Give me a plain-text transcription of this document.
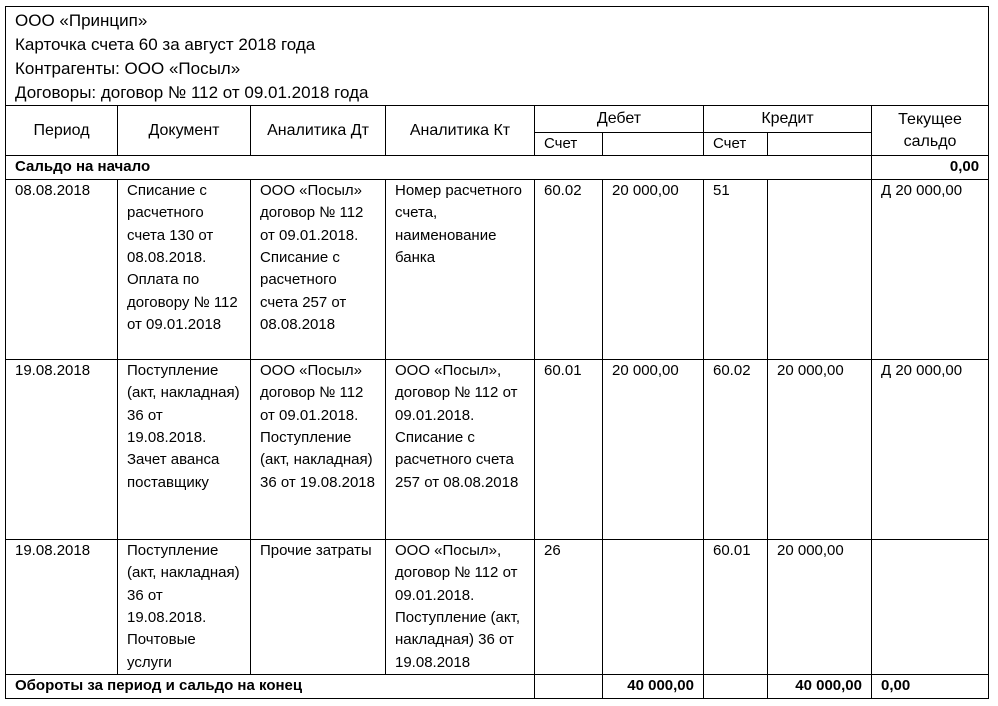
ООО «Принцип»
Карточка счета 60 за август 2018 года
Контрагенты: ООО «Посыл»
Договоры: договор № 112 от 09.01.2018 года								

Период	Документ	Аналитика Дт	Аналитика Кт	Дебет		Кредит		Текущее сальдо
				Счет		Счет		
Сальдо на начало								0,00
08.08.2018	Списание с расчетного счета 130 от 08.08.2018. Оплата по договору № 112 от 09.01.2018	ООО «Посыл» договор № 112 от 09.01.2018. Списание с расчетного счета 257 от 08.08.2018	Номер расчетного счета, наименование банка	60.02	20 000,00	51		Д 20 000,00
19.08.2018	Поступление (акт, накладная) 36 от 19.08.2018. Зачет аванса поставщику	ООО «Посыл» договор № 112 от 09.01.2018. Поступление (акт, накладная) 36 от 19.08.2018	ООО «Посыл», договор № 112 от 09.01.2018. Списание с расчетного счета 257 от 08.08.2018	60.01	20 000,00	60.02	20 000,00	Д 20 000,00
19.08.2018	Поступление (акт, накладная) 36 от 19.08.2018. Почтовые услуги	Прочие затраты	ООО «Посыл», договор № 112 от 09.01.2018. Поступление (акт, накладная) 36 от 19.08.2018	26		60.01	20 000,00	
Обороты за период и сальдо на конец					40 000,00		40 000,00	0,00
